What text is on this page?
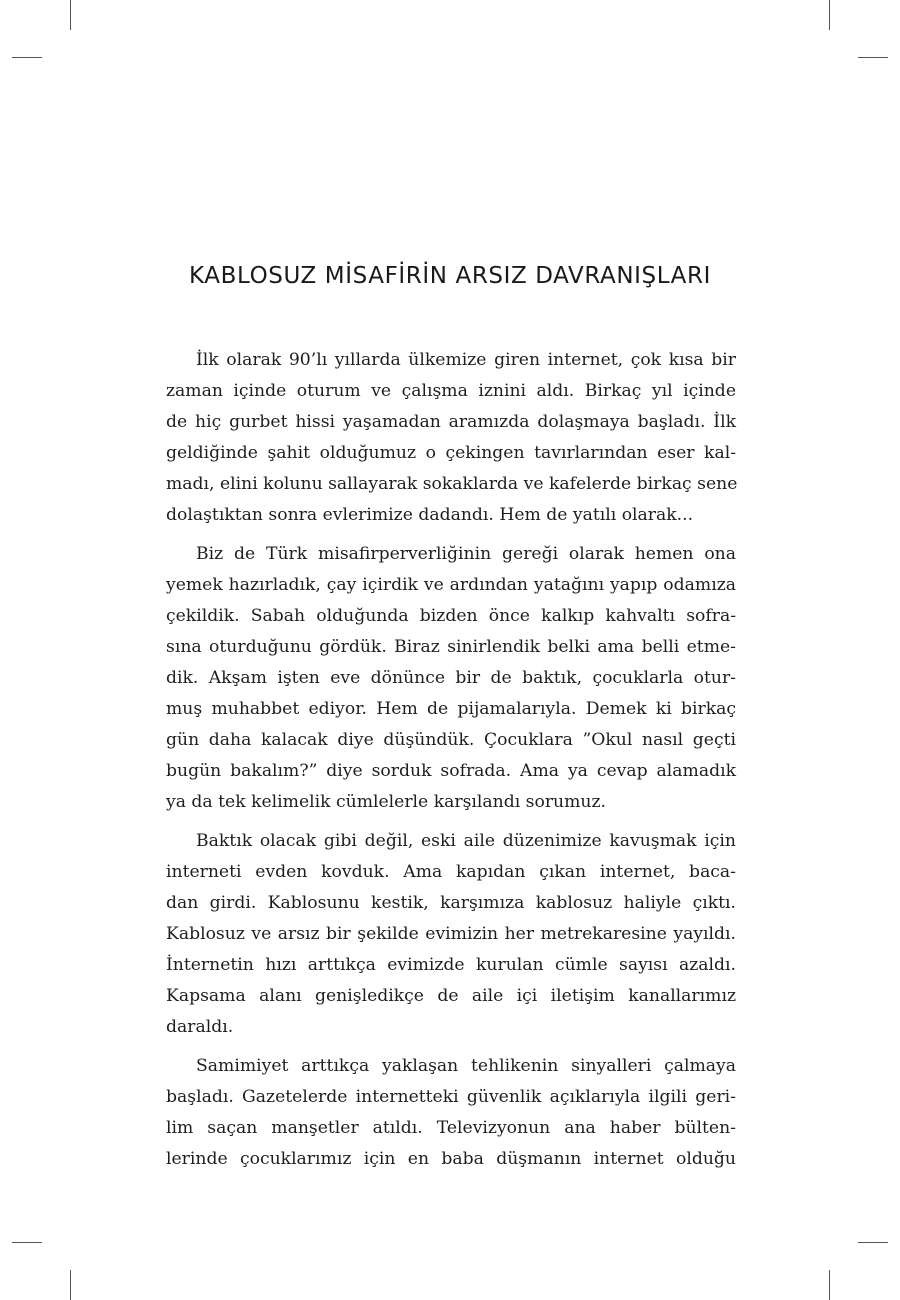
KABLOSUZ MİSAFİRİN ARSIZ DAVRANIŞLARI

İlk olarak 90’lı yıllarda ülkemize giren internet, çok kısa bir
zaman içinde oturum ve çalışma iznini aldı. Birkaç yıl içinde
de hiç gurbet hissi yaşamadan aramızda dolaşmaya başladı. İlk
geldiğinde şahit olduğumuz o çekingen tavırlarından eser kal-
madı, elini kolunu sallayarak sokaklarda ve kafelerde birkaç sene
dolaştıktan sonra evlerimize dadandı. Hem de yatılı olarak...

Biz de Türk misafirperverliğinin gereği olarak hemen ona
yemek hazırladık, çay içirdik ve ardından yatağını yapıp odamıza
çekildik. Sabah olduğunda bizden önce kalkıp kahvaltı sofra-
sına oturduğunu gördük. Biraz sinirlendik belki ama belli etme-
dik. Akşam işten eve dönünce bir de baktık, çocuklarla otur-
muş muhabbet ediyor. Hem de pijamalarıyla. Demek ki birkaç
gün daha kalacak diye düşündük. Çocuklara ”Okul nasıl geçti
bugün bakalım?” diye sorduk sofrada. Ama ya cevap alamadık
ya da tek kelimelik cümlelerle karşılandı sorumuz.

Baktık olacak gibi değil, eski aile düzenimize kavuşmak için
interneti evden kovduk. Ama kapıdan çıkan internet, baca-
dan girdi. Kablosunu kestik, karşımıza kablosuz haliyle çıktı.
Kablosuz ve arsız bir şekilde evimizin her metrekaresine yayıldı.
İnternetin hızı arttıkça evimizde kurulan cümle sayısı azaldı.
Kapsama alanı genişledikçe de aile içi iletişim kanallarımız
daraldı.

Samimiyet arttıkça yaklaşan tehlikenin sinyalleri çalmaya
başladı. Gazetelerde internetteki güvenlik açıklarıyla ilgili geri-
lim saçan manşetler atıldı. Televizyonun ana haber bülten-
lerinde çocuklarımız için en baba düşmanın internet olduğu
